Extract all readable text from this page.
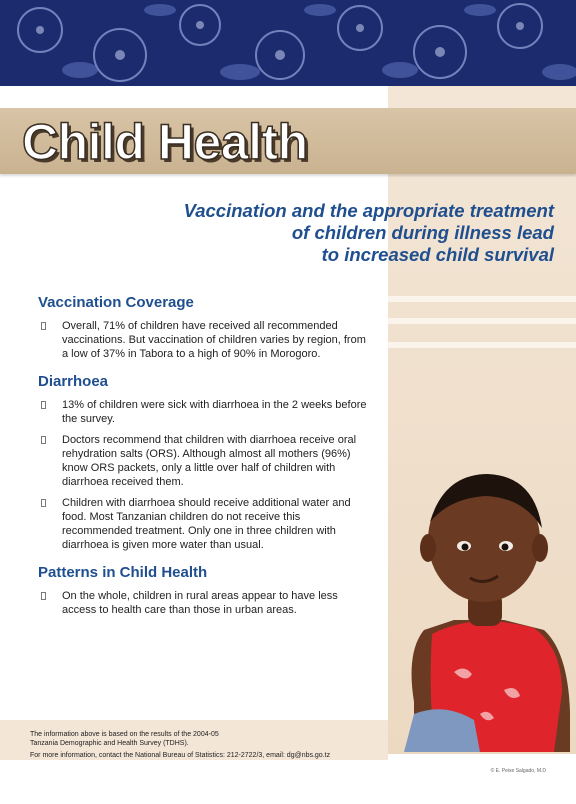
Child Health

Vaccination and the appropriate treatment
of children during illness lead
to increased child survival

Vaccination Coverage
Overall, 71% of children have received all recommended vaccinations. But vaccination of children varies by region, from a low of 37% in Tabora to a high of 90% in Morogoro.
Diarrhoea
13% of children were sick with diarrhoea in the 2 weeks before the survey.
Doctors recommend that children with diarrhoea receive oral rehydration salts (ORS). Although almost all mothers (96%) know ORS packets, only a little over half of children with diarrhoea received them.
Children with diarrhoea should receive additional water and food. Most Tanzanian children do not receive this recommended treatment. Only one in three children with diarrhoea is given more water than usual.
Patterns in Child Health
On the whole, children in rural areas appear to have less access to health care than those in urban areas.

The information above is based on the results of the 2004-05
Tanzania Demographic and Health Survey (TDHS).

For more information, contact the National Bureau of Statistics: 212-2722/3, email: dg@nbs.go.tz

© E. Peixe Salgado, M.D
